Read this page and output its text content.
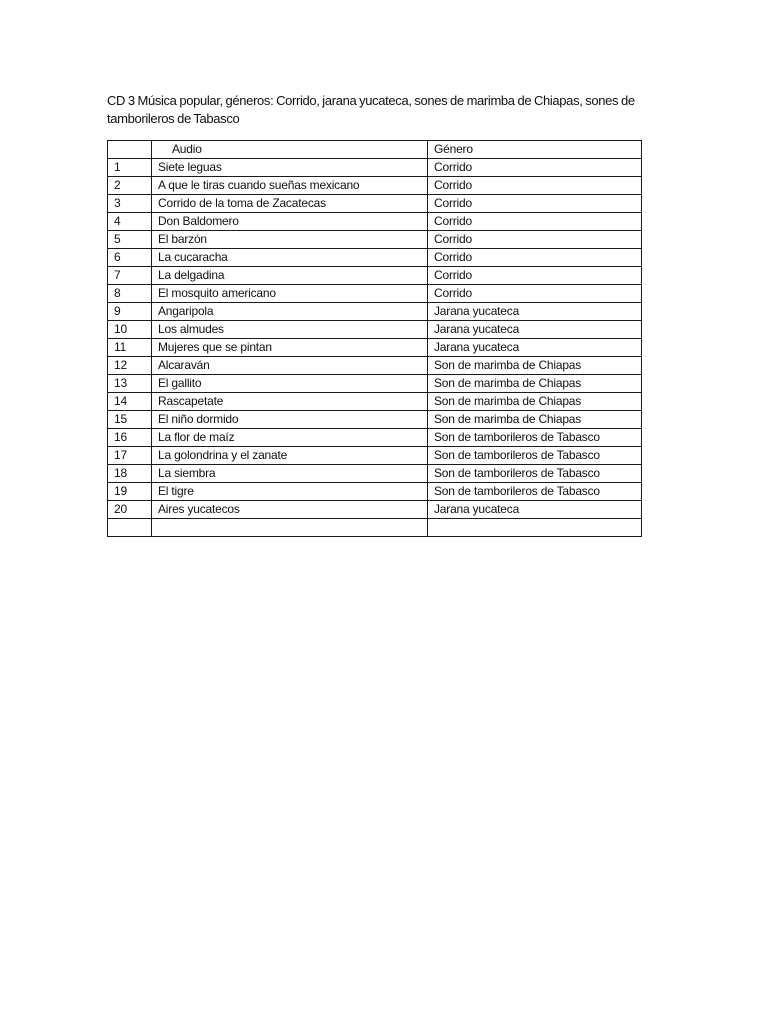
CD 3 Música popular, géneros: Corrido, jarana yucateca, sones de marimba de Chiapas, sones de tamborileros de Tabasco

	Audio	Género
1	Siete leguas	Corrido
2	A que le tiras cuando sueñas mexicano	Corrido
3	Corrido de la toma de Zacatecas	Corrido
4	Don Baldomero	Corrido
5	El barzón	Corrido
6	La cucaracha	Corrido
7	La delgadina	Corrido
8	El mosquito americano	Corrido
9	Angaripola	Jarana yucateca
10	Los almudes	Jarana yucateca
11	Mujeres que se pintan	Jarana yucateca
12	Alcaraván	Son de marimba de Chiapas
13	El gallito	Son de marimba de Chiapas
14	Rascapetate	Son de marimba de Chiapas
15	El niño dormido	Son de marimba de Chiapas
16	La flor de maíz	Son de tamborileros de Tabasco
17	La golondrina y el zanate	Son de tamborileros de Tabasco
18	La siembra	Son de tamborileros de Tabasco
19	El tigre	Son de tamborileros de Tabasco
20	Aires yucatecos	Jarana yucateca
